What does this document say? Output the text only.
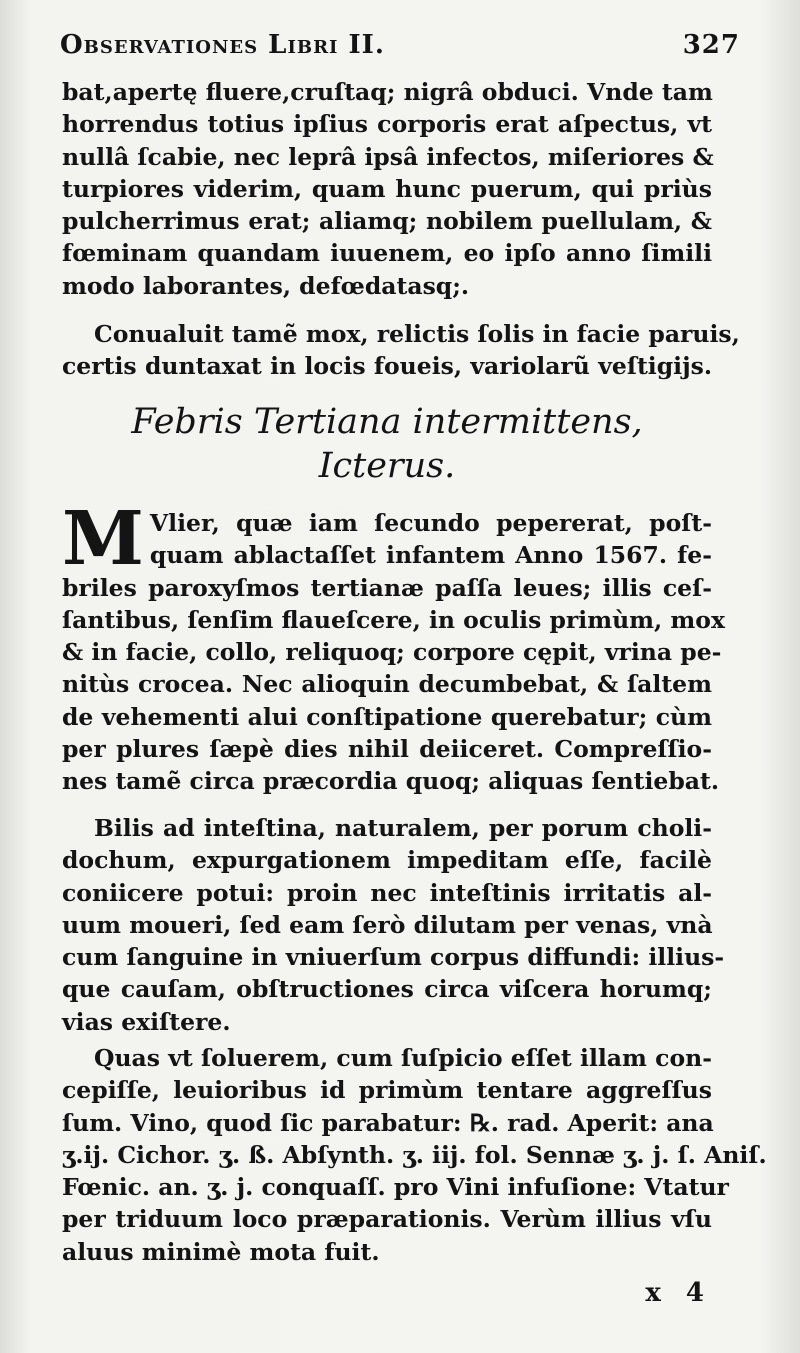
Observationes Libri II.	327
bat,apertę fluere,cruſtaq; nigrâ obduci. Vnde tam
horrendus totius ipſius corporis erat aſpectus, vt
nullâ ſcabie, nec leprâ ipsâ infectos, miſeriores &
turpiores viderim, quam hunc puerum, qui priùs
pulcherrimus erat; aliamq; nobilem puellulam, &
fœminam quandam iuuenem, eo ipſo anno ſimili
modo laborantes, defœdatasq;.
Conualuit tamẽ mox, relictis ſolis in facie paruis,
certis duntaxat in locis foueis, variolarũ veſtigijs.
Febris Tertiana intermittens,
Icterus.
M Vlier, quæ iam ſecundo pepererat, poſt-
quam ablactaſſet infantem Anno 1567. fe-
briles paroxyſmos tertianæ paſſa leues; illis ceſ-
ſantibus, ſenſim flaueſcere, in oculis primùm, mox
& in facie, collo, reliquoq; corpore cępit, vrina pe-
nitùs crocea. Nec alioquin decumbebat, & ſaltem
de vehementi alui conſtipatione querebatur; cùm
per plures ſæpè dies nihil deiiceret. Compreſſio-
nes tamẽ circa præcordia quoq; aliquas ſentiebat.
Bilis ad inteſtina, naturalem, per porum choli-
dochum, expurgationem impeditam eſſe, facilè
coniicere potui: proin nec inteſtinis irritatis al-
uum moueri, ſed eam ſerò dilutam per venas, vnà
cum ſanguine in vniuerſum corpus diffundi: illius-
que cauſam, obſtructiones circa viſcera horumq;
vias exiſtere.
Quas vt ſoluerem, cum ſuſpicio eſſet illam con-
cepiſſe, leuioribus id primùm tentare aggreſſus
ſum. Vino, quod ſic parabatur: ℞. rad. Aperit: ana
ʒ.ij. Cichor. ʒ. ß. Abſynth. ʒ. iij. fol. Sennæ ʒ. j. ſ. Aniſ.
Fœnic. an. ʒ. j. conquaſſ. pro Vini infuſione: Vtatur
per triduum loco præparationis. Verùm illius vſu
aluus minimè mota fuit.
x 4
